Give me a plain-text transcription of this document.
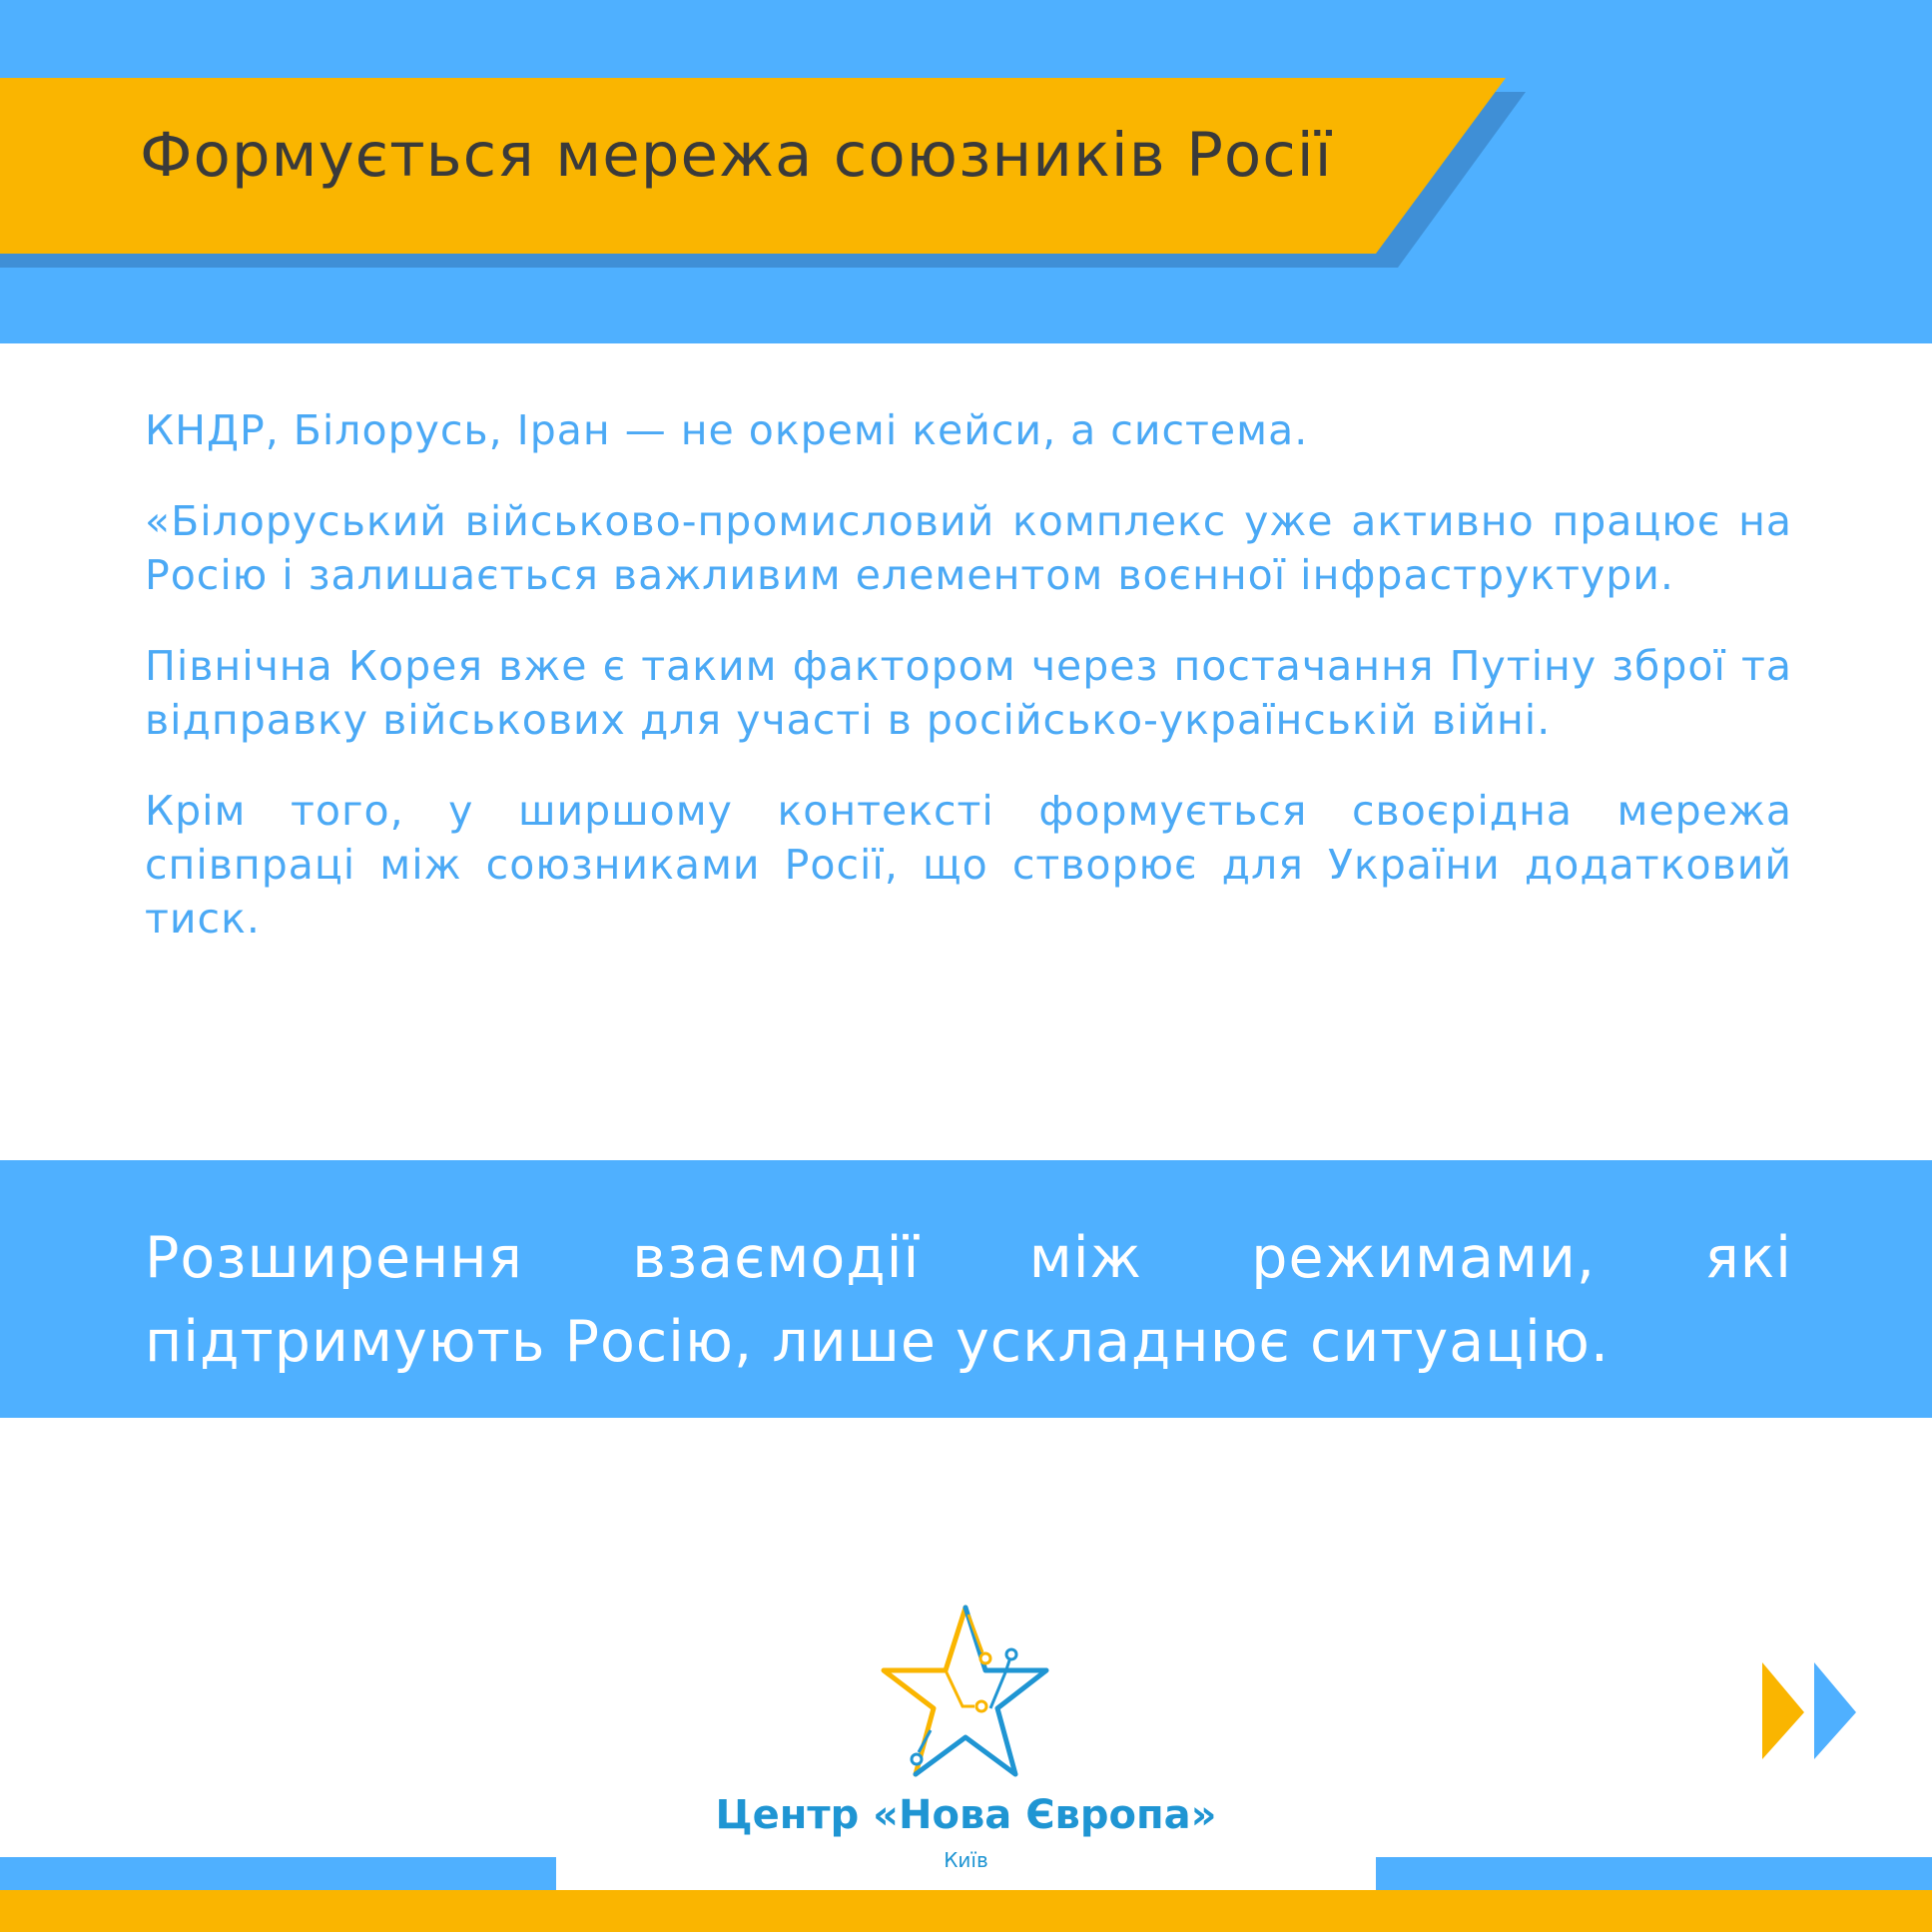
Формується мережа союзників Росії

КНДР, Білорусь, Іран — не окремі кейси, а система.

«Білоруський військово-промисловий комплекс уже активно працює на Росію і залишається важливим елементом воєнної інфраструктури.

Північна Корея вже є таким фактором через постачання Путіну зброї та відправку військових для участі в російсько-українській війні.

Крім того, у ширшому контексті формується своєрідна мережа співпраці між союзниками Росії, що створює для України додатковий тиск.

Розширення взаємодії між режимами, які підтримують Росію, лише ускладнює ситуацію.
Центр «Нова Європа»
Київ
